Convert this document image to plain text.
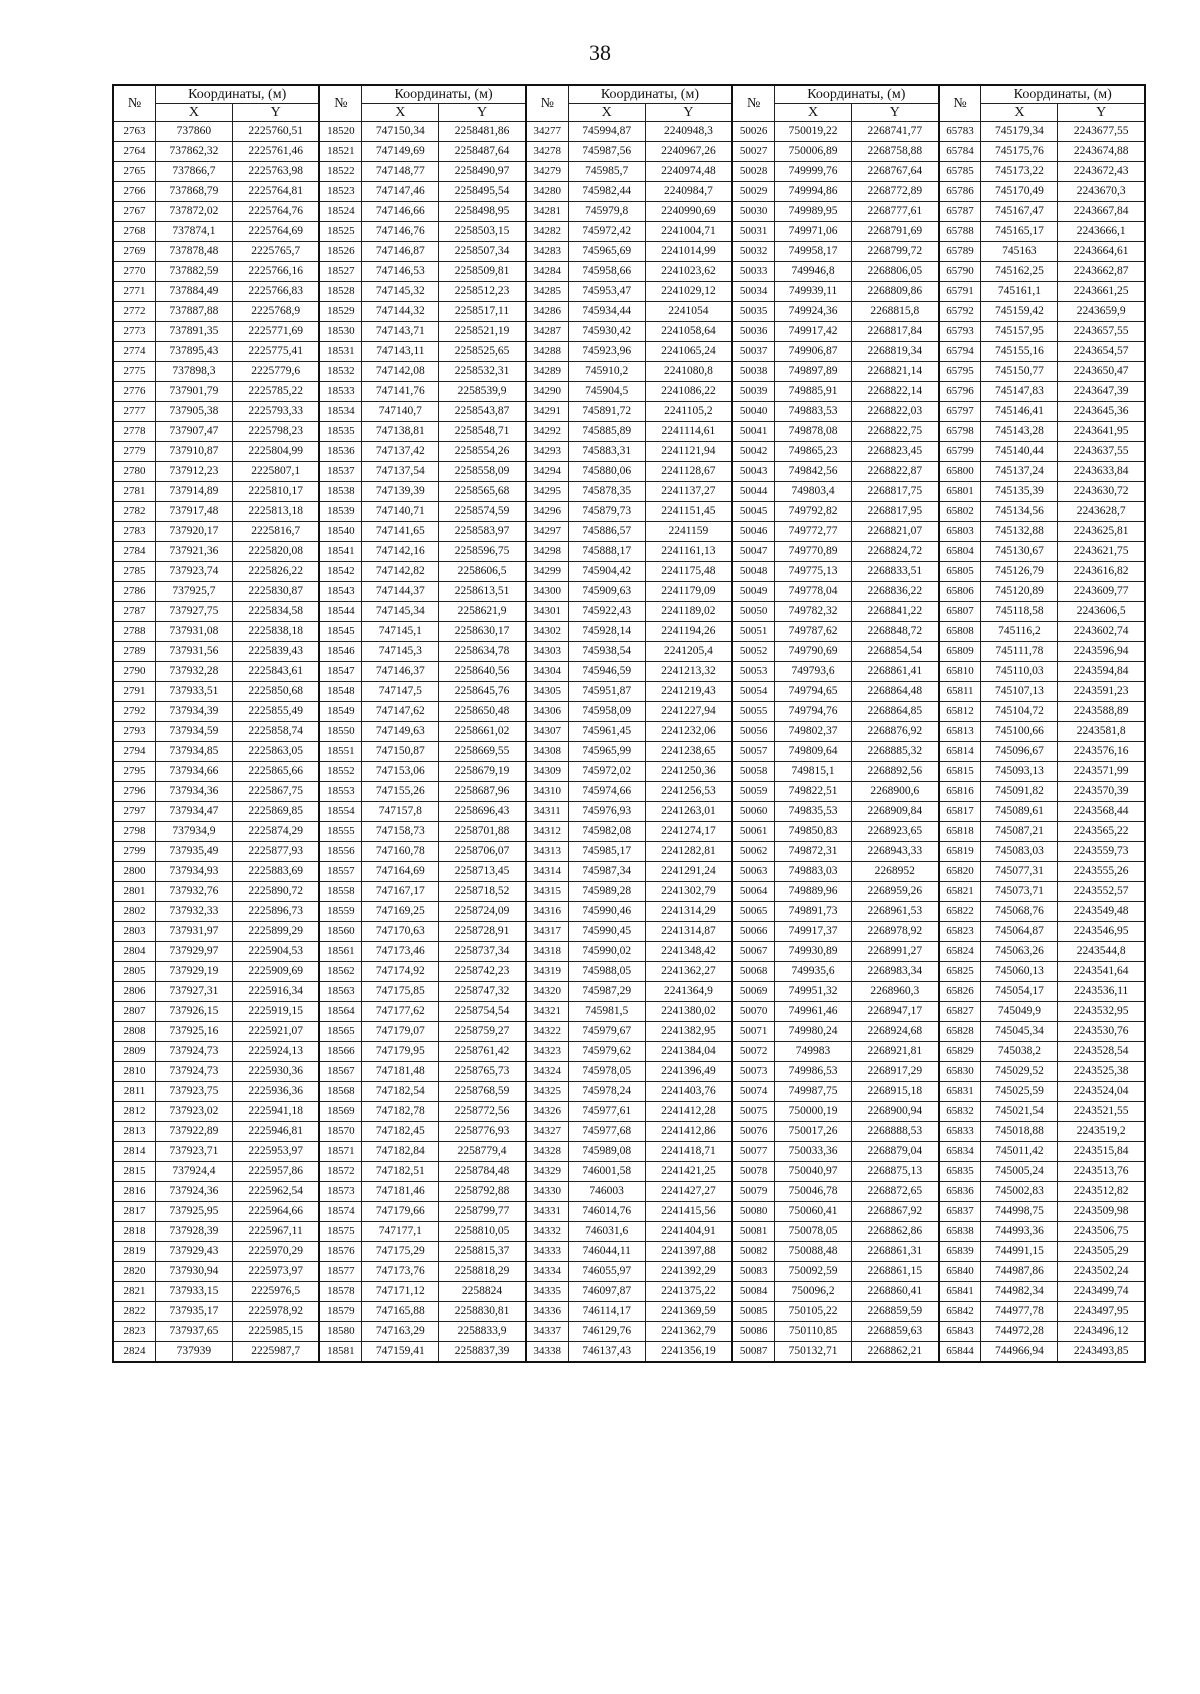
38
№	Координаты, (м)		№	Координаты, (м)		№	Координаты, (м)		№	Координаты, (м)		№	Координаты, (м)	
	X	Y		X	Y		X	Y		X	Y		X	Y
2763	737860	2225760,51	18520	747150,34	2258481,86	34277	745994,87	2240948,3	50026	750019,22	2268741,77	65783	745179,34	2243677,55
2764	737862,32	2225761,46	18521	747149,69	2258487,64	34278	745987,56	2240967,26	50027	750006,89	2268758,88	65784	745175,76	2243674,88
2765	737866,7	2225763,98	18522	747148,77	2258490,97	34279	745985,7	2240974,48	50028	749999,76	2268767,64	65785	745173,22	2243672,43
2766	737868,79	2225764,81	18523	747147,46	2258495,54	34280	745982,44	2240984,7	50029	749994,86	2268772,89	65786	745170,49	2243670,3
2767	737872,02	2225764,76	18524	747146,66	2258498,95	34281	745979,8	2240990,69	50030	749989,95	2268777,61	65787	745167,47	2243667,84
2768	737874,1	2225764,69	18525	747146,76	2258503,15	34282	745972,42	2241004,71	50031	749971,06	2268791,69	65788	745165,17	2243666,1
2769	737878,48	2225765,7	18526	747146,87	2258507,34	34283	745965,69	2241014,99	50032	749958,17	2268799,72	65789	745163	2243664,61
2770	737882,59	2225766,16	18527	747146,53	2258509,81	34284	745958,66	2241023,62	50033	749946,8	2268806,05	65790	745162,25	2243662,87
2771	737884,49	2225766,83	18528	747145,32	2258512,23	34285	745953,47	2241029,12	50034	749939,11	2268809,86	65791	745161,1	2243661,25
2772	737887,88	2225768,9	18529	747144,32	2258517,11	34286	745934,44	2241054	50035	749924,36	2268815,8	65792	745159,42	2243659,9
2773	737891,35	2225771,69	18530	747143,71	2258521,19	34287	745930,42	2241058,64	50036	749917,42	2268817,84	65793	745157,95	2243657,55
2774	737895,43	2225775,41	18531	747143,11	2258525,65	34288	745923,96	2241065,24	50037	749906,87	2268819,34	65794	745155,16	2243654,57
2775	737898,3	2225779,6	18532	747142,08	2258532,31	34289	745910,2	2241080,8	50038	749897,89	2268821,14	65795	745150,77	2243650,47
2776	737901,79	2225785,22	18533	747141,76	2258539,9	34290	745904,5	2241086,22	50039	749885,91	2268822,14	65796	745147,83	2243647,39
2777	737905,38	2225793,33	18534	747140,7	2258543,87	34291	745891,72	2241105,2	50040	749883,53	2268822,03	65797	745146,41	2243645,36
2778	737907,47	2225798,23	18535	747138,81	2258548,71	34292	745885,89	2241114,61	50041	749878,08	2268822,75	65798	745143,28	2243641,95
2779	737910,87	2225804,99	18536	747137,42	2258554,26	34293	745883,31	2241121,94	50042	749865,23	2268823,45	65799	745140,44	2243637,55
2780	737912,23	2225807,1	18537	747137,54	2258558,09	34294	745880,06	2241128,67	50043	749842,56	2268822,87	65800	745137,24	2243633,84
2781	737914,89	2225810,17	18538	747139,39	2258565,68	34295	745878,35	2241137,27	50044	749803,4	2268817,75	65801	745135,39	2243630,72
2782	737917,48	2225813,18	18539	747140,71	2258574,59	34296	745879,73	2241151,45	50045	749792,82	2268817,95	65802	745134,56	2243628,7
2783	737920,17	2225816,7	18540	747141,65	2258583,97	34297	745886,57	2241159	50046	749772,77	2268821,07	65803	745132,88	2243625,81
2784	737921,36	2225820,08	18541	747142,16	2258596,75	34298	745888,17	2241161,13	50047	749770,89	2268824,72	65804	745130,67	2243621,75
2785	737923,74	2225826,22	18542	747142,82	2258606,5	34299	745904,42	2241175,48	50048	749775,13	2268833,51	65805	745126,79	2243616,82
2786	737925,7	2225830,87	18543	747144,37	2258613,51	34300	745909,63	2241179,09	50049	749778,04	2268836,22	65806	745120,89	2243609,77
2787	737927,75	2225834,58	18544	747145,34	2258621,9	34301	745922,43	2241189,02	50050	749782,32	2268841,22	65807	745118,58	2243606,5
2788	737931,08	2225838,18	18545	747145,1	2258630,17	34302	745928,14	2241194,26	50051	749787,62	2268848,72	65808	745116,2	2243602,74
2789	737931,56	2225839,43	18546	747145,3	2258634,78	34303	745938,54	2241205,4	50052	749790,69	2268854,54	65809	745111,78	2243596,94
2790	737932,28	2225843,61	18547	747146,37	2258640,56	34304	745946,59	2241213,32	50053	749793,6	2268861,41	65810	745110,03	2243594,84
2791	737933,51	2225850,68	18548	747147,5	2258645,76	34305	745951,87	2241219,43	50054	749794,65	2268864,48	65811	745107,13	2243591,23
2792	737934,39	2225855,49	18549	747147,62	2258650,48	34306	745958,09	2241227,94	50055	749794,76	2268864,85	65812	745104,72	2243588,89
2793	737934,59	2225858,74	18550	747149,63	2258661,02	34307	745961,45	2241232,06	50056	749802,37	2268876,92	65813	745100,66	2243581,8
2794	737934,85	2225863,05	18551	747150,87	2258669,55	34308	745965,99	2241238,65	50057	749809,64	2268885,32	65814	745096,67	2243576,16
2795	737934,66	2225865,66	18552	747153,06	2258679,19	34309	745972,02	2241250,36	50058	749815,1	2268892,56	65815	745093,13	2243571,99
2796	737934,36	2225867,75	18553	747155,26	2258687,96	34310	745974,66	2241256,53	50059	749822,51	2268900,6	65816	745091,82	2243570,39
2797	737934,47	2225869,85	18554	747157,8	2258696,43	34311	745976,93	2241263,01	50060	749835,53	2268909,84	65817	745089,61	2243568,44
2798	737934,9	2225874,29	18555	747158,73	2258701,88	34312	745982,08	2241274,17	50061	749850,83	2268923,65	65818	745087,21	2243565,22
2799	737935,49	2225877,93	18556	747160,78	2258706,07	34313	745985,17	2241282,81	50062	749872,31	2268943,33	65819	745083,03	2243559,73
2800	737934,93	2225883,69	18557	747164,69	2258713,45	34314	745987,34	2241291,24	50063	749883,03	2268952	65820	745077,31	2243555,26
2801	737932,76	2225890,72	18558	747167,17	2258718,52	34315	745989,28	2241302,79	50064	749889,96	2268959,26	65821	745073,71	2243552,57
2802	737932,33	2225896,73	18559	747169,25	2258724,09	34316	745990,46	2241314,29	50065	749891,73	2268961,53	65822	745068,76	2243549,48
2803	737931,97	2225899,29	18560	747170,63	2258728,91	34317	745990,45	2241314,87	50066	749917,37	2268978,92	65823	745064,87	2243546,95
2804	737929,97	2225904,53	18561	747173,46	2258737,34	34318	745990,02	2241348,42	50067	749930,89	2268991,27	65824	745063,26	2243544,8
2805	737929,19	2225909,69	18562	747174,92	2258742,23	34319	745988,05	2241362,27	50068	749935,6	2268983,34	65825	745060,13	2243541,64
2806	737927,31	2225916,34	18563	747175,85	2258747,32	34320	745987,29	2241364,9	50069	749951,32	2268960,3	65826	745054,17	2243536,11
2807	737926,15	2225919,15	18564	747177,62	2258754,54	34321	745981,5	2241380,02	50070	749961,46	2268947,17	65827	745049,9	2243532,95
2808	737925,16	2225921,07	18565	747179,07	2258759,27	34322	745979,67	2241382,95	50071	749980,24	2268924,68	65828	745045,34	2243530,76
2809	737924,73	2225924,13	18566	747179,95	2258761,42	34323	745979,62	2241384,04	50072	749983	2268921,81	65829	745038,2	2243528,54
2810	737924,73	2225930,36	18567	747181,48	2258765,73	34324	745978,05	2241396,49	50073	749986,53	2268917,29	65830	745029,52	2243525,38
2811	737923,75	2225936,36	18568	747182,54	2258768,59	34325	745978,24	2241403,76	50074	749987,75	2268915,18	65831	745025,59	2243524,04
2812	737923,02	2225941,18	18569	747182,78	2258772,56	34326	745977,61	2241412,28	50075	750000,19	2268900,94	65832	745021,54	2243521,55
2813	737922,89	2225946,81	18570	747182,45	2258776,93	34327	745977,68	2241412,86	50076	750017,26	2268888,53	65833	745018,88	2243519,2
2814	737923,71	2225953,97	18571	747182,84	2258779,4	34328	745989,08	2241418,71	50077	750033,36	2268879,04	65834	745011,42	2243515,84
2815	737924,4	2225957,86	18572	747182,51	2258784,48	34329	746001,58	2241421,25	50078	750040,97	2268875,13	65835	745005,24	2243513,76
2816	737924,36	2225962,54	18573	747181,46	2258792,88	34330	746003	2241427,27	50079	750046,78	2268872,65	65836	745002,83	2243512,82
2817	737925,95	2225964,66	18574	747179,66	2258799,77	34331	746014,76	2241415,56	50080	750060,41	2268867,92	65837	744998,75	2243509,98
2818	737928,39	2225967,11	18575	747177,1	2258810,05	34332	746031,6	2241404,91	50081	750078,05	2268862,86	65838	744993,36	2243506,75
2819	737929,43	2225970,29	18576	747175,29	2258815,37	34333	746044,11	2241397,88	50082	750088,48	2268861,31	65839	744991,15	2243505,29
2820	737930,94	2225973,97	18577	747173,76	2258818,29	34334	746055,97	2241392,29	50083	750092,59	2268861,15	65840	744987,86	2243502,24
2821	737933,15	2225976,5	18578	747171,12	2258824	34335	746097,87	2241375,22	50084	750096,2	2268860,41	65841	744982,34	2243499,74
2822	737935,17	2225978,92	18579	747165,88	2258830,81	34336	746114,17	2241369,59	50085	750105,22	2268859,59	65842	744977,78	2243497,95
2823	737937,65	2225985,15	18580	747163,29	2258833,9	34337	746129,76	2241362,79	50086	750110,85	2268859,63	65843	744972,28	2243496,12
2824	737939	2225987,7	18581	747159,41	2258837,39	34338	746137,43	2241356,19	50087	750132,71	2268862,21	65844	744966,94	2243493,85
